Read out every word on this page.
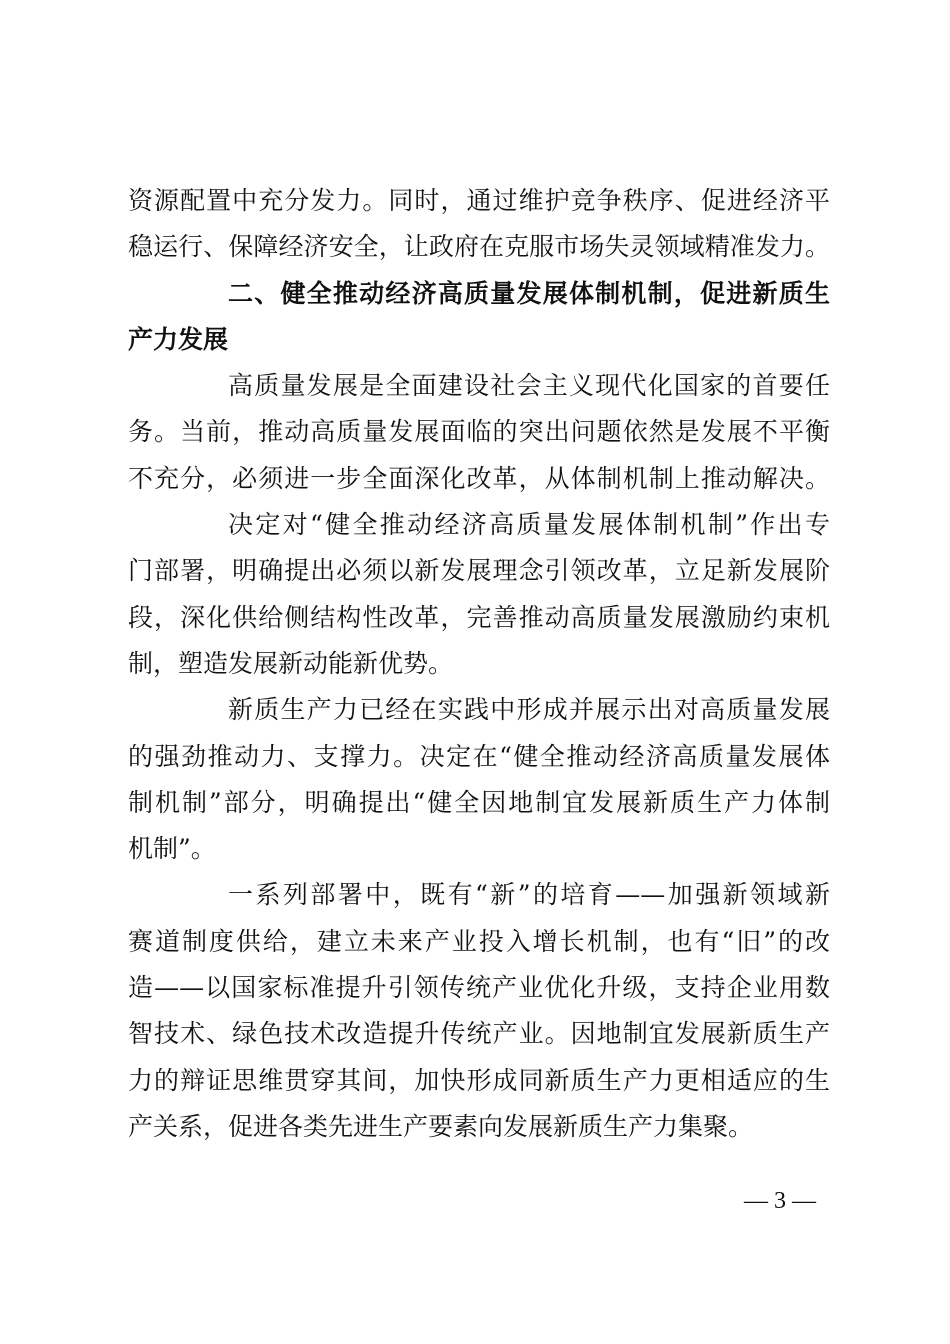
资源配置中充分发力。同时，通过维护竞争秩序、促进经济平
稳运行、保障经济安全，让政府在克服市场失灵领域精准发力。
二、健全推动经济高质量发展体制机制，促进新质生
产力发展
高质量发展是全面建设社会主义现代化国家的首要任
务。当前，推动高质量发展面临的突出问题依然是发展不平衡
不充分，必须进一步全面深化改革，从体制机制上推动解决。
决定对“健全推动经济高质量发展体制机制”作出专
门部署，明确提出必须以新发展理念引领改革，立足新发展阶
段，深化供给侧结构性改革，完善推动高质量发展激励约束机
制，塑造发展新动能新优势。
新质生产力已经在实践中形成并展示出对高质量发展
的强劲推动力、支撑力。决定在“健全推动经济高质量发展体
制机制”部分，明确提出“健全因地制宜发展新质生产力体制
机制”。
一系列部署中，既有“新”的培育——加强新领域新
赛道制度供给，建立未来产业投入增长机制，也有“旧”的改
造——以国家标准提升引领传统产业优化升级，支持企业用数
智技术、绿色技术改造提升传统产业。因地制宜发展新质生产
力的辩证思维贯穿其间，加快形成同新质生产力更相适应的生
产关系，促进各类先进生产要素向发展新质生产力集聚。
— 3 —
